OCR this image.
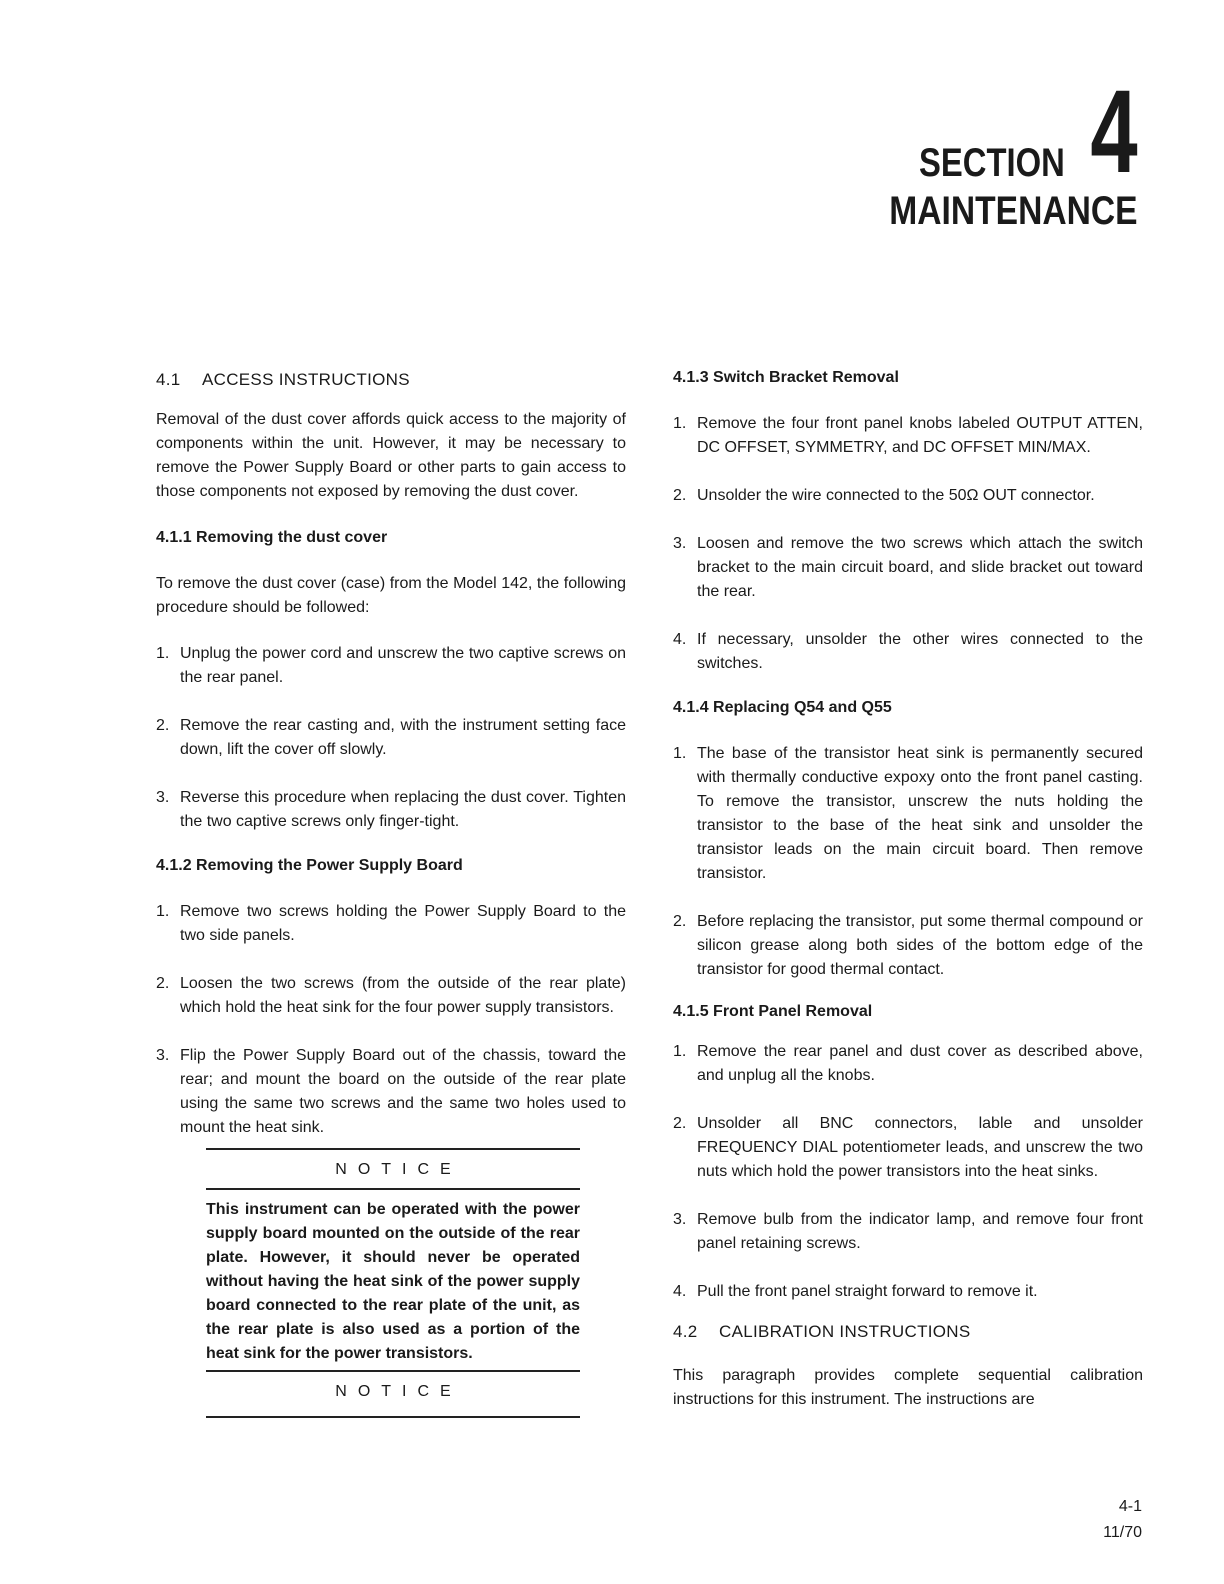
SECTION 4
MAINTENANCE
4.1 ACCESS INSTRUCTIONS

Removal of the dust cover affords quick access to the majority of components within the unit. However, it may be necessary to remove the Power Supply Board or other parts to gain access to those components not exposed by removing the dust cover.

4.1.1 Removing the dust cover

To remove the dust cover (case) from the Model 142, the following procedure should be followed:

1. Unplug the power cord and unscrew the two captive screws on the rear panel.
2. Remove the rear casting and, with the instrument setting face down, lift the cover off slowly.
3. Reverse this procedure when replacing the dust cover. Tighten the two captive screws only finger-tight.
4.1.2 Removing the Power Supply Board
1. Remove two screws holding the Power Supply Board to the two side panels.
2. Loosen the two screws (from the outside of the rear plate) which hold the heat sink for the four power supply transistors.
3. Flip the Power Supply Board out of the chassis, toward the rear; and mount the board on the outside of the rear plate using the same two screws and the same two holes used to mount the heat sink.
NOTICE
This instrument can be operated with the power supply board mounted on the outside of the rear plate. However, it should never be operated without having the heat sink of the power supply board connected to the rear plate of the unit, as the rear plate is also used as a portion of the heat sink for the power transistors.
NOTICE
4.1.3 Switch Bracket Removal
1. Remove the four front panel knobs labeled OUTPUT ATTEN, DC OFFSET, SYMMETRY, and DC OFFSET MIN/MAX.
2. Unsolder the wire connected to the 50Ω OUT connector.
3. Loosen and remove the two screws which attach the switch bracket to the main circuit board, and slide bracket out toward the rear.
4. If necessary, unsolder the other wires connected to the switches.
4.1.4 Replacing Q54 and Q55
1. The base of the transistor heat sink is permanently secured with thermally conductive expoxy onto the front panel casting. To remove the transistor, unscrew the nuts holding the transistor to the base of the heat sink and unsolder the transistor leads on the main circuit board. Then remove transistor.
2. Before replacing the transistor, put some thermal compound or silicon grease along both sides of the bottom edge of the transistor for good thermal contact.
4.1.5 Front Panel Removal
1. Remove the rear panel and dust cover as described above, and unplug all the knobs.
2. Unsolder all BNC connectors, lable and unsolder FREQUENCY DIAL potentiometer leads, and unscrew the two nuts which hold the power transistors into the heat sinks.
3. Remove bulb from the indicator lamp, and remove four front panel retaining screws.
4. Pull the front panel straight forward to remove it.
4.2 CALIBRATION INSTRUCTIONS

This paragraph provides complete sequential calibration instructions for this instrument. The instructions are

4-1
11/70
